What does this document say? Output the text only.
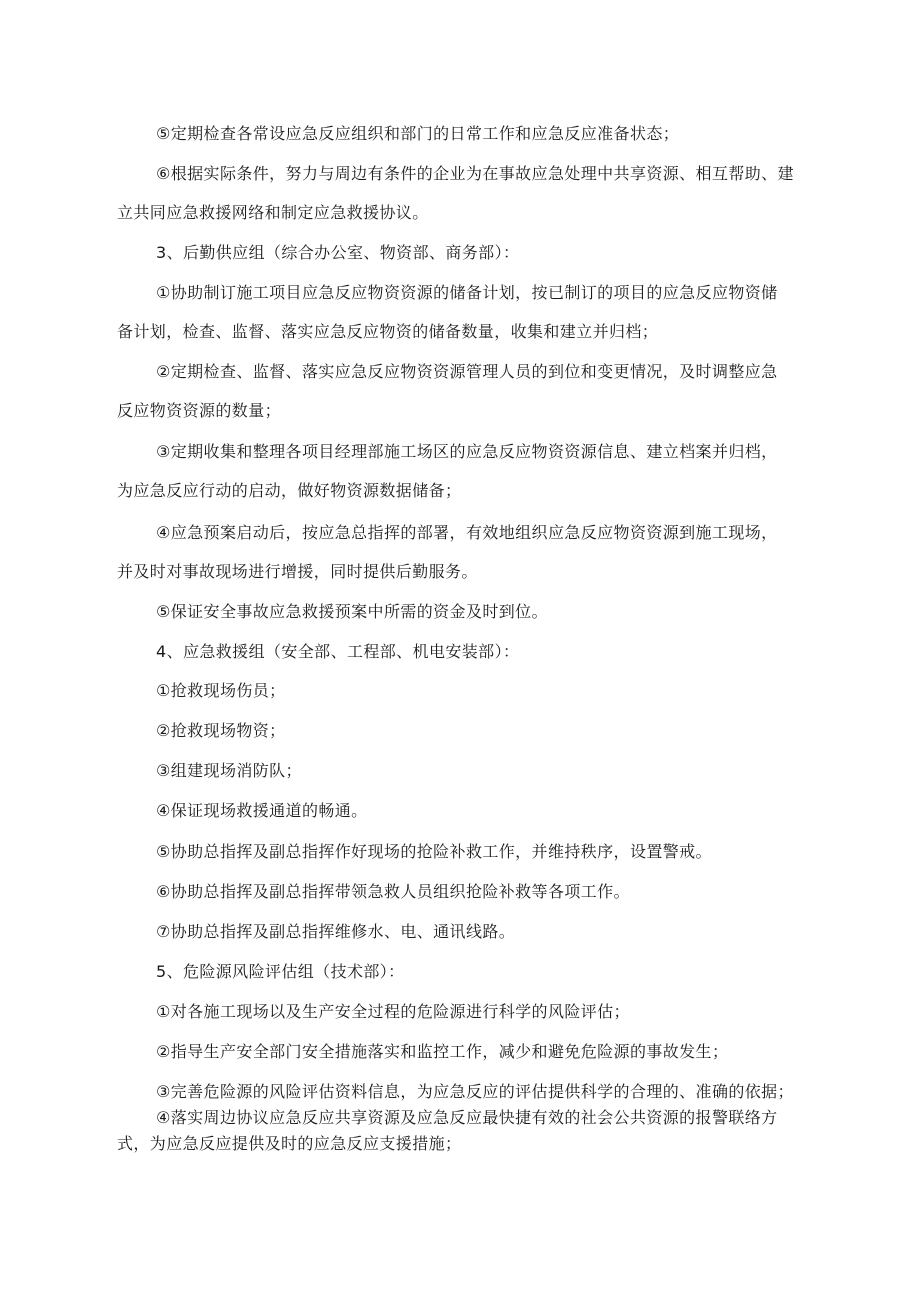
⑤定期检查各常设应急反应组织和部门的日常工作和应急反应准备状态；
⑥根据实际条件，努力与周边有条件的企业为在事故应急处理中共享资源、相互帮助、建
立共同应急救援网络和制定应急救援协议。
3、后勤供应组（综合办公室、物资部、商务部）：
①协助制订施工项目应急反应物资资源的储备计划，按已制订的项目的应急反应物资储
备计划，检查、监督、落实应急反应物资的储备数量，收集和建立并归档；
②定期检查、监督、落实应急反应物资资源管理人员的到位和变更情况，及时调整应急
反应物资资源的数量；
③定期收集和整理各项目经理部施工场区的应急反应物资资源信息、建立档案并归档，
为应急反应行动的启动，做好物资源数据储备；
④应急预案启动后，按应急总指挥的部署，有效地组织应急反应物资资源到施工现场，
并及时对事故现场进行增援，同时提供后勤服务。
⑤保证安全事故应急救援预案中所需的资金及时到位。
4、应急救援组（安全部、工程部、机电安装部）：
①抢救现场伤员；
②抢救现场物资；
③组建现场消防队；
④保证现场救援通道的畅通。
⑤协助总指挥及副总指挥作好现场的抢险补救工作，并维持秩序，设置警戒。
⑥协助总指挥及副总指挥带领急救人员组织抢险补救等各项工作。
⑦协助总指挥及副总指挥维修水、电、通讯线路。
5、危险源风险评估组（技术部）：
①对各施工现场以及生产安全过程的危险源进行科学的风险评估；
②指导生产安全部门安全措施落实和监控工作，减少和避免危险源的事故发生；
③完善危险源的风险评估资料信息，为应急反应的评估提供科学的合理的、准确的依据；
④落实周边协议应急反应共享资源及应急反应最快捷有效的社会公共资源的报警联络方
式，为应急反应提供及时的应急反应支援措施；
